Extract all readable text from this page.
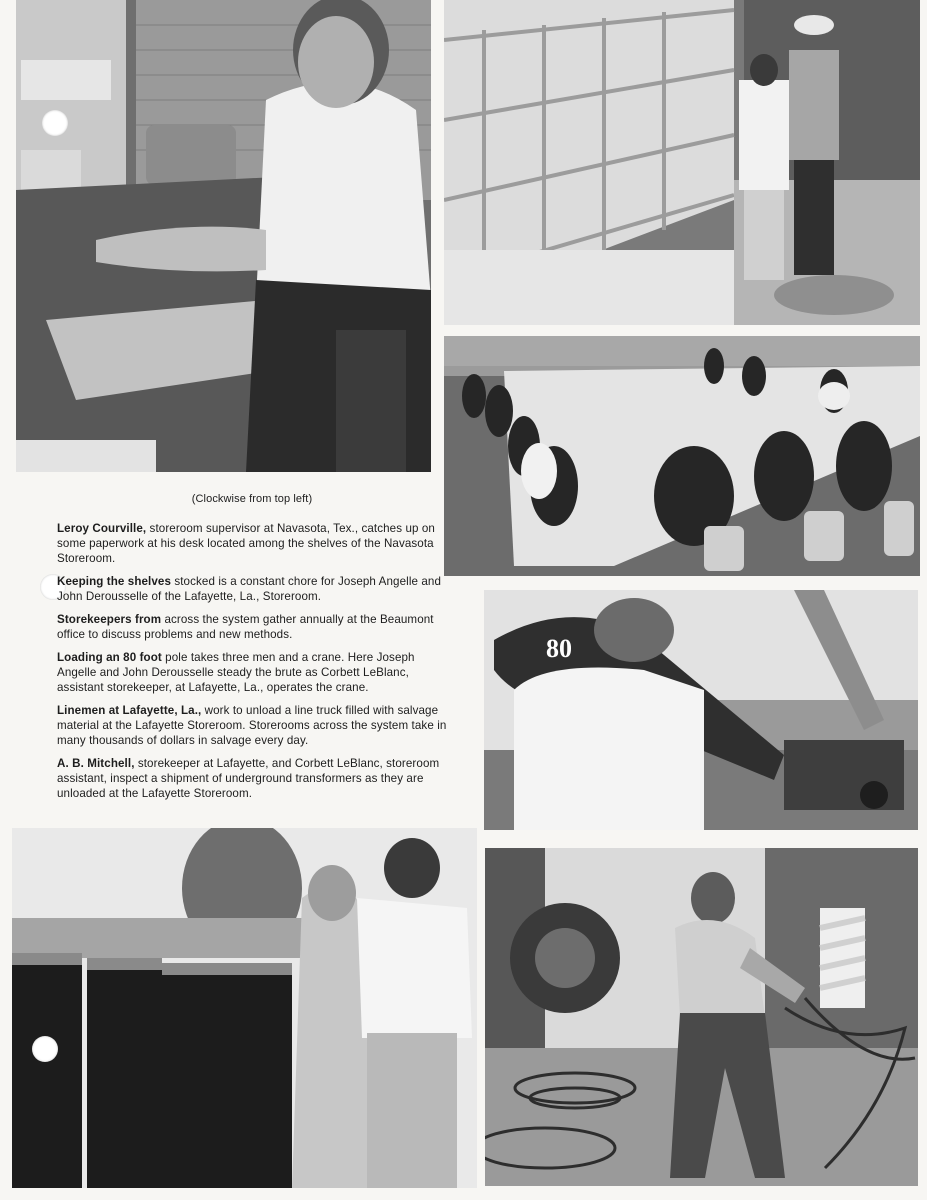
80

(Clockwise from top left)

Leroy Courville, storeroom supervisor at Navasota, Tex., catches up on some paperwork at his desk located among the shelves of the Navasota Storeroom.

Keeping the shelves stocked is a constant chore for Joseph Angelle and John Derousselle of the Lafayette, La., Storeroom.

Storekeepers from across the system gather annually at the Beaumont office to discuss problems and new methods.

Loading an 80 foot pole takes three men and a crane. Here Joseph Angelle and John Derousselle steady the brute as Corbett LeBlanc, assistant storekeeper, at Lafayette, La., operates the crane.

Linemen at Lafayette, La., work to unload a line truck filled with salvage material at the Lafayette Storeroom. Storerooms across the system take in many thousands of dollars in salvage every day.

A. B. Mitchell, storekeeper at Lafayette, and Corbett LeBlanc, storeroom assistant, inspect a shipment of underground transformers as they are unloaded at the Lafayette Storeroom.
